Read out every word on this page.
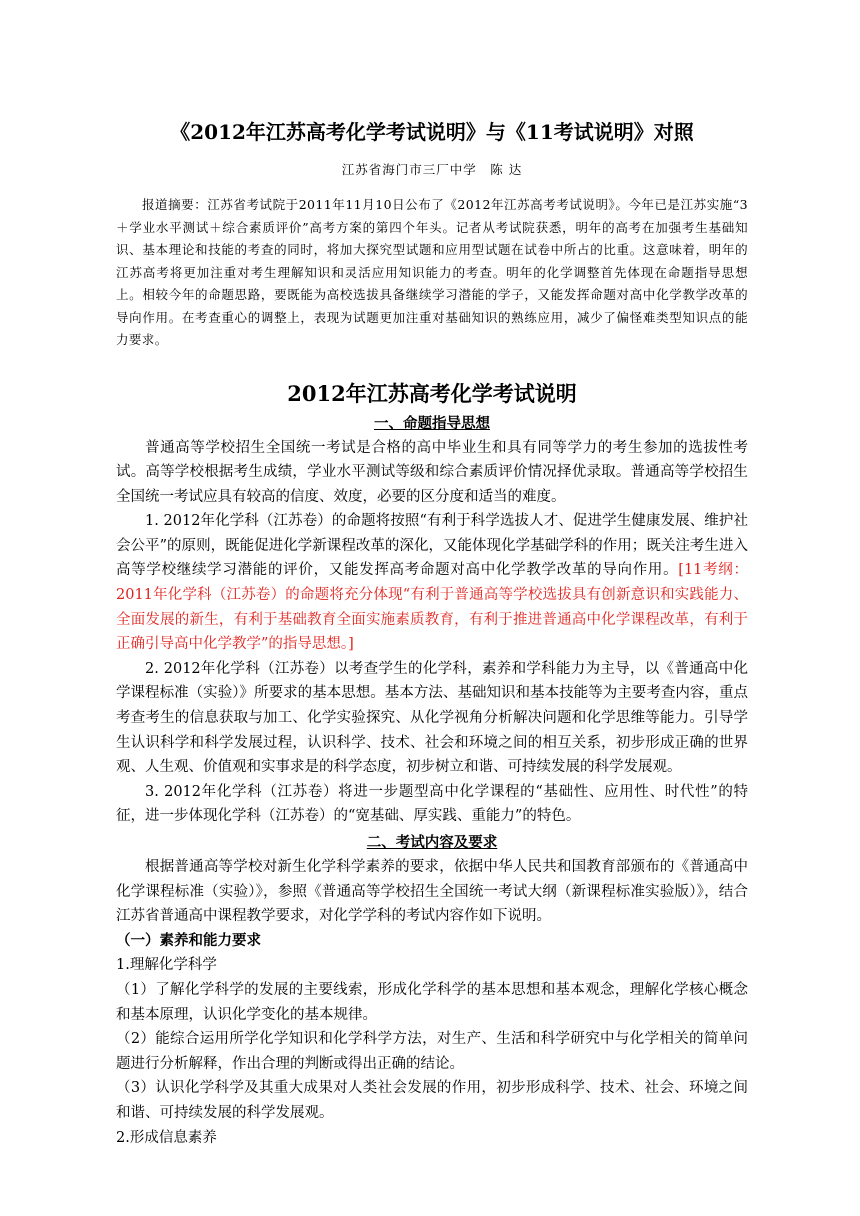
《2012年江苏高考化学考试说明》与《11考试说明》对照

江苏省海门市三厂中学　陈 达

报道摘要：江苏省考试院于2011年11月10日公布了《2012年江苏高考考试说明》。今年已是江苏实施“3＋学业水平测试＋综合素质评价”高考方案的第四个年头。记者从考试院获悉，明年的高考在加强考生基础知识、基本理论和技能的考查的同时，将加大探究型试题和应用型试题在试卷中所占的比重。这意味着，明年的江苏高考将更加注重对考生理解知识和灵活应用知识能力的考查。明年的化学调整首先体现在命题指导思想上。相较今年的命题思路，要既能为高校选拔具备继续学习潜能的学子，又能发挥命题对高中化学教学改革的导向作用。在考查重心的调整上，表现为试题更加注重对基础知识的熟练应用，减少了偏怪难类型知识点的能力要求。

2012年江苏高考化学考试说明
一、命题指导思想

普通高等学校招生全国统一考试是合格的高中毕业生和具有同等学力的考生参加的选拔性考试。高等学校根据考生成绩，学业水平测试等级和综合素质评价情况择优录取。普通高等学校招生全国统一考试应具有较高的信度、效度，必要的区分度和适当的难度。

1. 2012年化学科（江苏卷）的命题将按照“有利于科学选拔人才、促进学生健康发展、维护社会公平”的原则，既能促进化学新课程改革的深化，又能体现化学基础学科的作用；既关注考生进入高等学校继续学习潜能的评价，又能发挥高考命题对高中化学教学改革的导向作用。[11考纲：2011年化学科（江苏卷）的命题将充分体现“有利于普通高等学校选拔具有创新意识和实践能力、全面发展的新生，有利于基础教育全面实施素质教育，有利于推进普通高中化学课程改革，有利于正确引导高中化学教学”的指导思想。]

2. 2012年化学科（江苏卷）以考查学生的化学科，素养和学科能力为主导，以《普通高中化学课程标准（实验）》所要求的基本思想。基本方法、基础知识和基本技能等为主要考查内容，重点考查考生的信息获取与加工、化学实验探究、从化学视角分析解决问题和化学思维等能力。引导学生认识科学和科学发展过程，认识科学、技术、社会和环境之间的相互关系，初步形成正确的世界观、人生观、价值观和实事求是的科学态度，初步树立和谐、可持续发展的科学发展观。

3. 2012年化学科（江苏卷）将进一步题型高中化学课程的“基础性、应用性、时代性”的特征，进一步体现化学科（江苏卷）的“宽基础、厚实践、重能力”的特色。

二、考试内容及要求

根据普通高等学校对新生化学科学素养的要求，依据中华人民共和国教育部颁布的《普通高中化学课程标准（实验）》，参照《普通高等学校招生全国统一考试大纲（新课程标准实验版）》，结合江苏省普通高中课程教学要求，对化学学科的考试内容作如下说明。

（一）素养和能力要求

1.理解化学科学

（1）了解化学科学的发展的主要线索，形成化学科学的基本思想和基本观念，理解化学核心概念和基本原理，认识化学变化的基本规律。

（2）能综合运用所学化学知识和化学科学方法，对生产、生活和科学研究中与化学相关的简单问题进行分析解释，作出合理的判断或得出正确的结论。

（3）认识化学科学及其重大成果对人类社会发展的作用，初步形成科学、技术、社会、环境之间和谐、可持续发展的科学发展观。

2.形成信息素养
